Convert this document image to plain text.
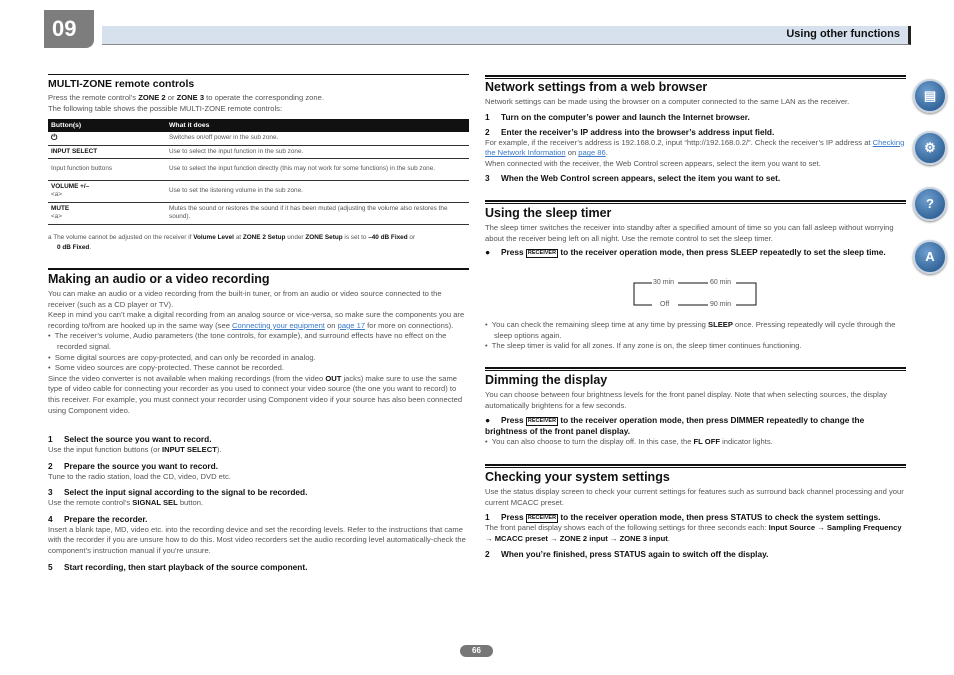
09	Using other functions
▤
⚙
?
A
MULTI-ZONE remote controls
Press the remote control’s ZONE 2 or ZONE 3 to operate the corresponding zone.
The following table shows the possible MULTI-ZONE remote controls:
Button(s)	What it does
⏻	Switches on/off power in the sub zone.
INPUT SELECT	Use to select the input function in the sub zone.
Input function buttons	Use to select the input function directly (this may not work for some functions) in the sub zone.
VOLUME +/–
<a>	Use to set the listening volume in the sub zone.
MUTE
<a>	Mutes the sound or restores the sound if it has been muted (adjusting the volume also restores the sound).
a The volume cannot be adjusted on the receiver if Volume Level at ZONE 2 Setup under ZONE Setup is set to –40 dB Fixed or
0 dB Fixed.
Making an audio or a video recording
You can make an audio or a video recording from the built-in tuner, or from an audio or video source connected to the receiver (such as a CD player or TV).
Keep in mind you can’t make a digital recording from an analog source or vice-versa, so make sure the components you are recording to/from are hooked up in the same way (see Connecting your equipment on page 17 for more on connections).
•  The receiver’s volume, Audio parameters (the tone controls, for example), and surround effects have no effect on the recorded signal.
•  Some digital sources are copy-protected, and can only be recorded in analog.
•  Some video sources are copy-protected. These cannot be recorded.
Since the video converter is not available when making recordings (from the video OUT jacks) make sure to use the same type of video cable for connecting your recorder as you used to connect your video source (the one you want to record) to this receiver. For example, you must connect your recorder using Component video if your source has also been connected using Component video.
1 Select the source you want to record.
Use the input function buttons (or INPUT SELECT).
2 Prepare the source you want to record.
Tune to the radio station, load the CD, video, DVD etc.
3 Select the input signal according to the signal to be recorded.
Use the remote control’s SIGNAL SEL button.
4 Prepare the recorder.
Insert a blank tape, MD, video etc. into the recording device and set the recording levels. Refer to the instructions that came with the recorder if you are unsure how to do this. Most video recorders set the audio recording level automatically-check the component’s instruction manual if you’re unsure.
5 Start recording, then start playback of the source component.
Network settings from a web browser
Network settings can be made using the browser on a computer connected to the same LAN as the receiver.
1 Turn on the computer’s power and launch the Internet browser.
2 Enter the receiver’s IP address into the browser’s address input field.
For example, if the receiver’s address is 192.168.0.2, input “http://192.168.0.2/”. Check the receiver’s IP address at Checking the Network Information on page 86.
When connected with the receiver, the Web Control screen appears, select the item you want to set.
3 When the Web Control screen appears, select the item you want to set.
Using the sleep timer
The sleep timer switches the receiver into standby after a specified amount of time so you can fall asleep without worrying about the receiver being left on all night. Use the remote control to set the sleep timer.
● Press RECEIVER to the receiver operation mode, then press SLEEP repeatedly to set the sleep time.
30 min	60 min
Off	90 min
•  You can check the remaining sleep time at any time by pressing SLEEP once. Pressing repeatedly will cycle through the sleep options again.
•  The sleep timer is valid for all zones. If any zone is on, the sleep timer continues functioning.
Dimming the display
You can choose between four brightness levels for the front panel display. Note that when selecting sources, the display automatically brightens for a few seconds.
● Press RECEIVER to the receiver operation mode, then press DIMMER repeatedly to change the brightness of the front panel display.
•  You can also choose to turn the display off. In this case, the FL OFF indicator lights.
Checking your system settings
Use the status display screen to check your current settings for features such as surround back channel processing and your current MCACC preset.
1 Press RECEIVER to the receiver operation mode, then press STATUS to check the system settings.
The front panel display shows each of the following settings for three seconds each: Input Source → Sampling Frequency → MCACC preset → ZONE 2 input → ZONE 3 input.
2 When you’re finished, press STATUS again to switch off the display.
66
